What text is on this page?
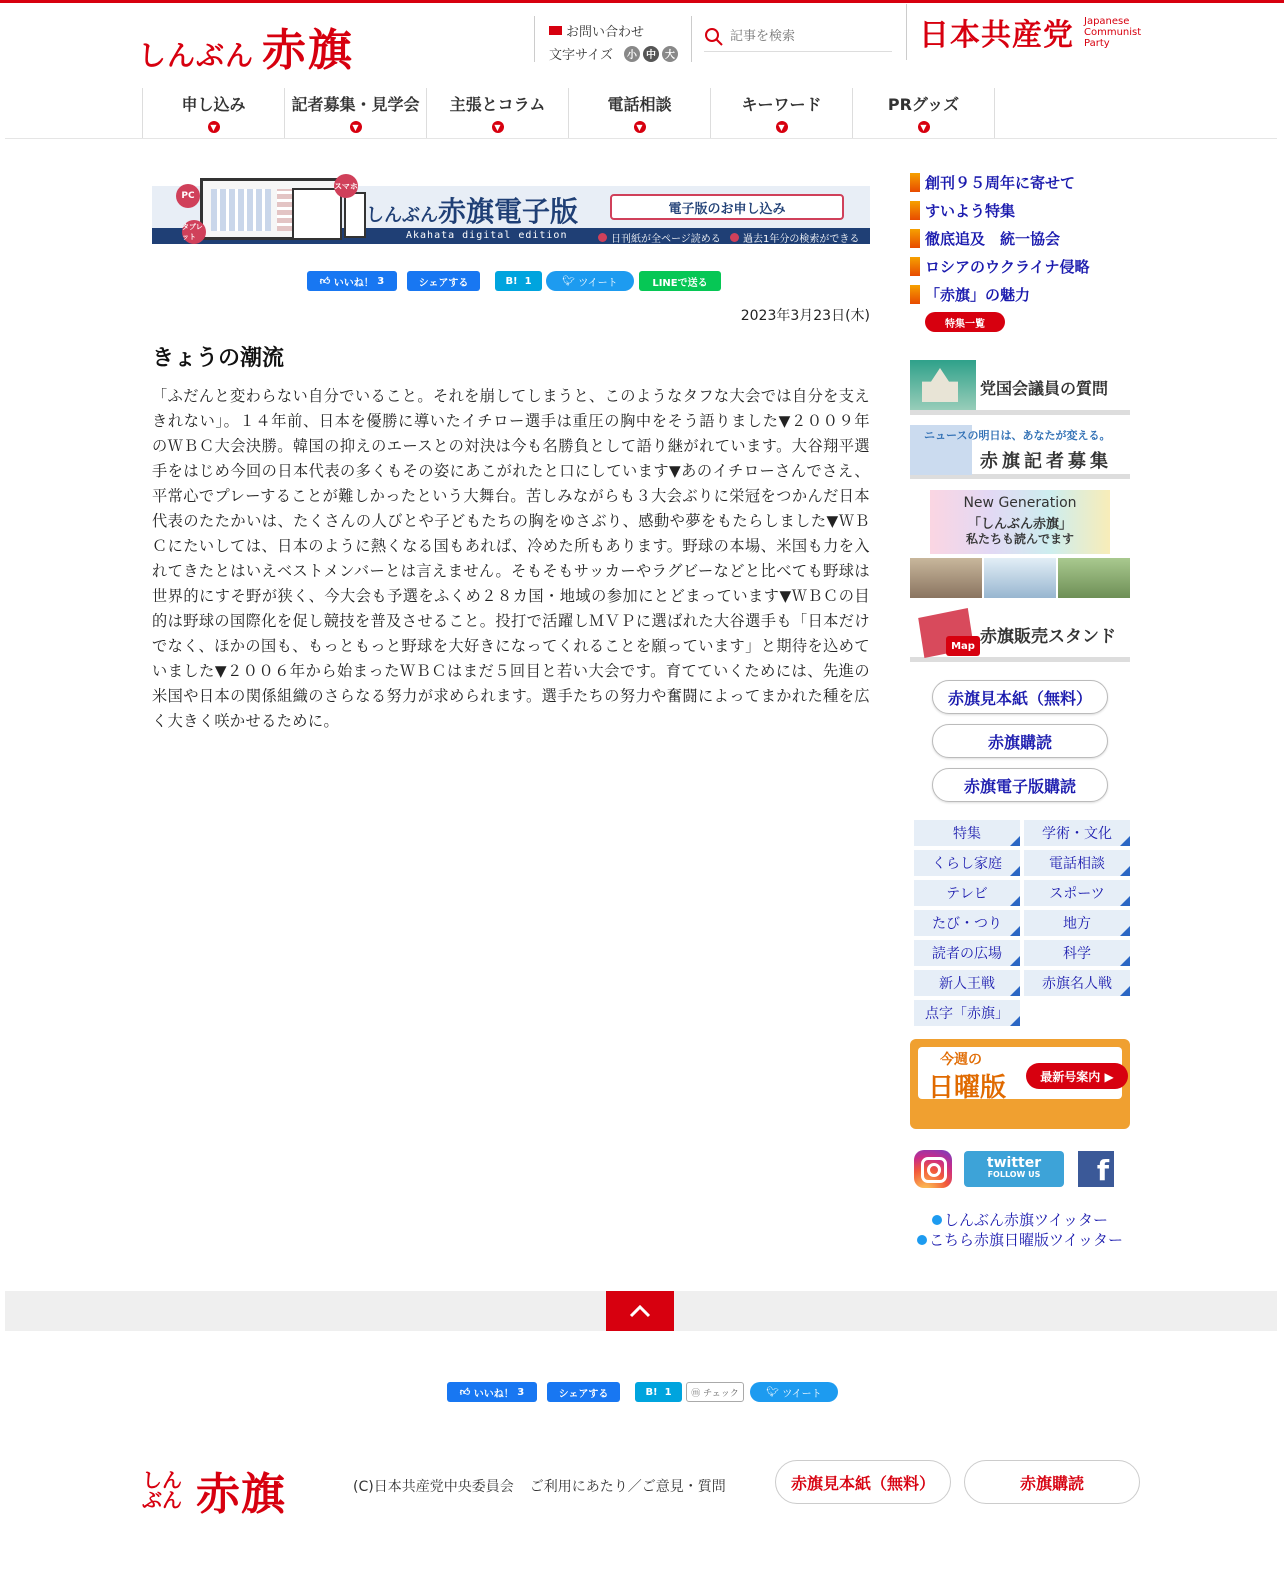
しんぶん 赤旗	お問い合わせ
文字サイズ	小 中 大
記事を検索
日本共産党 Japanese
Communist
Party
申し込み
▼
記者募集・見学会
▼
主張とコラム
▼
電話相談
▼
キーワード
▼
PRグッズ
▼
PC
スマホ
タブレット
しんぶん赤旗電子版	電子版のお申し込み
Akahata digital edition	日刊紙が全ページ読める 過去1年分の検索ができる
👍︎
いいね！
3	シェアする	B!
1	🐦︎
ツイート	LINEで送る
2023年3月23日(木)
きょうの潮流

「ふだんと変わらない自分でいること。それを崩してしまうと、このようなタフな大会では自分を支えきれない」。１４年前、日本を優勝に導いたイチロー選手は重圧の胸中をそう語りました▼２００９年のＷＢＣ大会決勝。韓国の抑えのエースとの対決は今も名勝負として語り継がれています。大谷翔平選手をはじめ今回の日本代表の多くもその姿にあこがれたと口にしています▼あのイチローさんでさえ、平常心でプレーすることが難しかったという大舞台。苦しみながらも３大会ぶりに栄冠をつかんだ日本代表のたたかいは、たくさんの人びとや子どもたちの胸をゆさぶり、感動や夢をもたらしました▼ＷＢＣにたいしては、日本のように熱くなる国もあれば、冷めた所もあります。野球の本場、米国も力を入れてきたとはいえベストメンバーとは言えません。そもそもサッカーやラグビーなどと比べても野球は世界的にすそ野が狭く、今大会も予選をふくめ２８カ国・地域の参加にとどまっています▼ＷＢＣの目的は野球の国際化を促し競技を普及させること。投打で活躍しＭＶＰに選ばれた大谷選手も「日本だけでなく、ほかの国も、もっともっと野球を大好きになってくれることを願っています」と期待を込めていました▼２００６年から始まったＷＢＣはまだ５回目と若い大会です。育てていくためには、先進の米国や日本の関係組織のさらなる努力が求められます。選手たちの努力や奮闘によってまかれた種を広く大きく咲かせるために。

創刊９５周年に寄せて
すいよう特集
徹底追及　統一協会
ロシアのウクライナ侵略
「赤旗」の魅力
特集一覧
党国会議員の質問
ニュースの明日は、あなたが変える。
赤旗記者募集
New Generation
「しんぶん赤旗」
私たちも読んでます
Map 赤旗販売スタンド
赤旗見本紙（無料）
赤旗購読
赤旗電子版購読
特集	学術・文化
くらし家庭	電話相談
テレビ	スポーツ
たび・つり	地方
読者の広場	科学
新人王戦	赤旗名人戦
点字「赤旗」
今週の
日曜版	最新号案内 ▶
twitter
FOLLOW US	f
しんぶん赤旗ツイッター
こちら赤旗日曜版ツイッター
👍︎
いいね！
3	シェアする	B!
1 ⓜ
チェック	🐦︎
ツイート
しんぶん 赤旗	(C)日本共産党中央委員会 ご利用にあたり／ご意見・質問	赤旗見本紙（無料）	赤旗購読
